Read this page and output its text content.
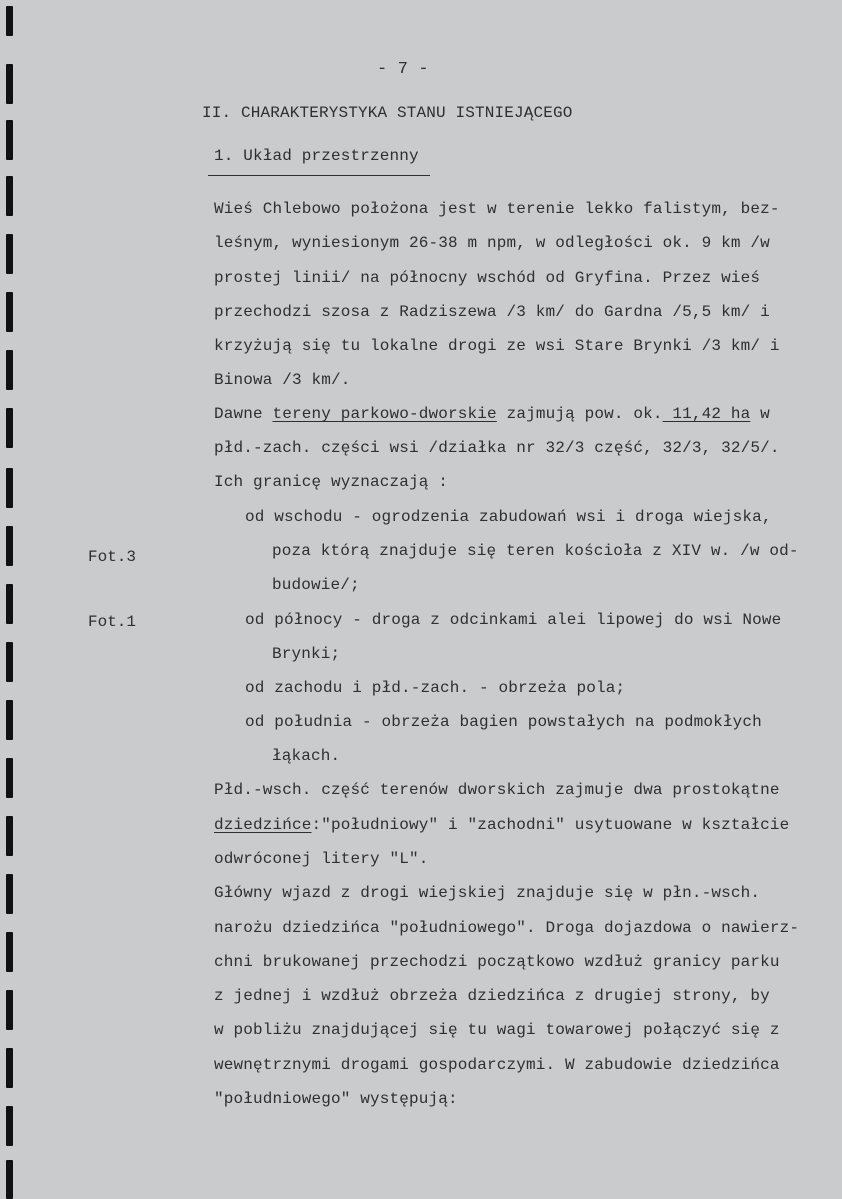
- 7 -
II. CHARAKTERYSTYKA STANU ISTNIEJĄCEGO
1. Układ przestrzenny
Wieś Chlebowo położona jest w terenie lekko falistym, bez-
leśnym, wyniesionym 26-38 m npm, w odległości ok. 9 km /w
prostej linii/ na północny wschód od Gryfina. Przez wieś
przechodzi szosa z Radziszewa /3 km/ do Gardna /5,5 km/ i
krzyżują się tu lokalne drogi ze wsi Stare Brynki /3 km/ i
Binowa /3 km/.
Dawne tereny parkowo-dworskie zajmują pow. ok. 11,42 ha w
płd.-zach. części wsi /działka nr 32/3 część, 32/3, 32/5/.
Ich granicę wyznaczają :
od wschodu - ogrodzenia zabudowań wsi i droga wiejska,
Fot.3	poza którą znajduje się teren kościoła z XIV w. /w od-
budowie/;
Fot.1	od północy - droga z odcinkami alei lipowej do wsi Nowe
Brynki;
od zachodu i płd.-zach. - obrzeża pola;
od południa - obrzeża bagien powstałych na podmokłych
łąkach.
Płd.-wsch. część terenów dworskich zajmuje dwa prostokątne
dziedzińce:"południowy" i "zachodni" usytuowane w kształcie
odwróconej litery "L".
Główny wjazd z drogi wiejskiej znajduje się w płn.-wsch.
narożu dziedzińca "południowego". Droga dojazdowa o nawierz-
chni brukowanej przechodzi początkowo wzdłuż granicy parku
z jednej i wzdłuż obrzeża dziedzińca z drugiej strony, by
w pobliżu znajdującej się tu wagi towarowej połączyć się z
wewnętrznymi drogami gospodarczymi. W zabudowie dziedzińca
"południowego" występują:
